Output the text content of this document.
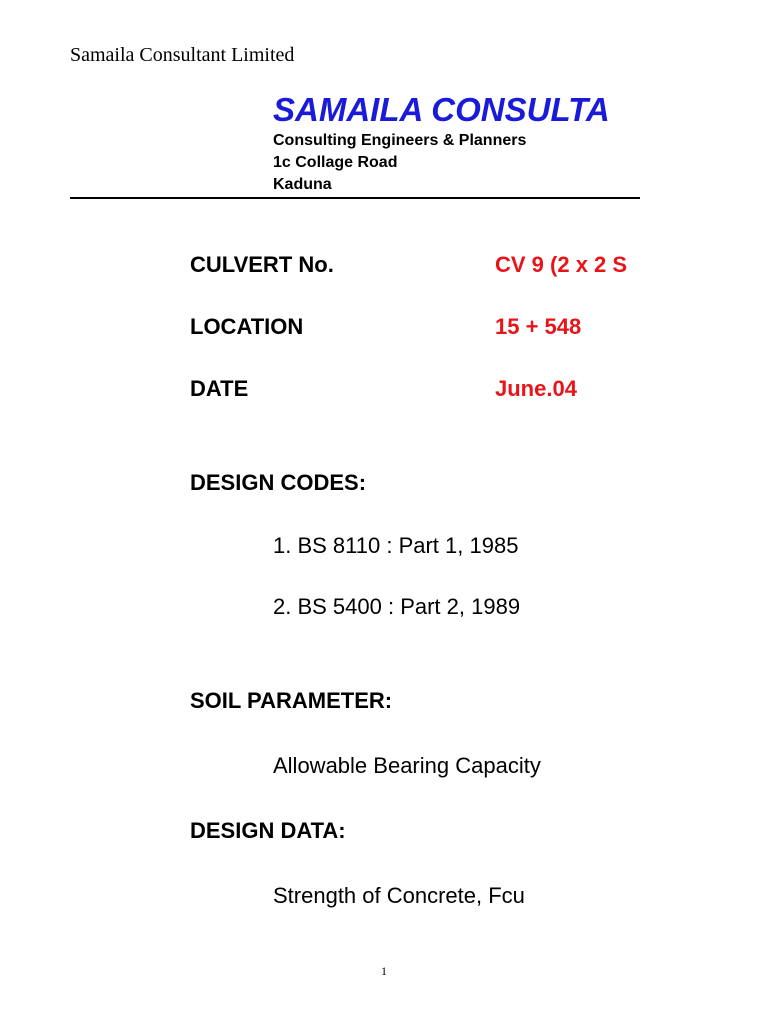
Samaila Consultant Limited
SAMAILA CONSULTA
Consulting Engineers & Planners
1c Collage Road
Kaduna
CULVERT No.	CV 9 (2 x 2 S
LOCATION	15 + 548
DATE	June.04
DESIGN CODES:
1. BS 8110 : Part 1, 1985
2. BS 5400 : Part 2, 1989
SOIL PARAMETER:
Allowable Bearing Capacity
DESIGN DATA:
Strength of Concrete, Fcu
1
